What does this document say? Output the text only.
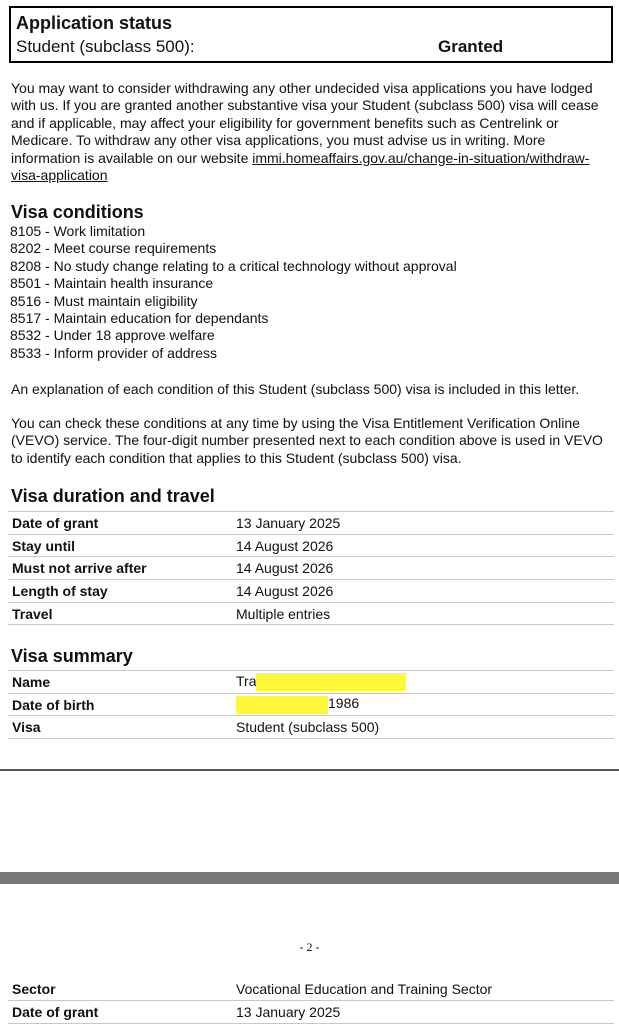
Application status
Student (subclass 500):	Granted

You may want to consider withdrawing any other undecided visa applications you have lodged with us. If you are granted another substantive visa your Student (subclass 500) visa will cease and if applicable, may affect your eligibility for government benefits such as Centrelink or Medicare. To withdraw any other visa applications, you must advise us in writing. More information is available on our website immi.homeaffairs.gov.au/change-in-situation/withdraw-visa-application

Visa conditions
8105 - Work limitation
8202 - Meet course requirements
8208 - No study change relating to a critical technology without approval
8501 - Maintain health insurance
8516 - Must maintain eligibility
8517 - Maintain education for dependants
8532 - Under 18 approve welfare
8533 - Inform provider of address

An explanation of each condition of this Student (subclass 500) visa is included in this letter.

You can check these conditions at any time by using the Visa Entitlement Verification Online (VEVO) service. The four-digit number presented next to each condition above is used in VEVO to identify each condition that applies to this Student (subclass 500) visa.

Visa duration and travel
Date of grant	13 January 2025
Stay until	14 August 2026
Must not arrive after	14 August 2026
Length of stay	14 August 2026
Travel	Multiple entries
Visa summary
Name	Tra
Date of birth	1986
Visa	Student (subclass 500)
- 2 -
Sector	Vocational Education and Training Sector
Date of grant	13 January 2025
